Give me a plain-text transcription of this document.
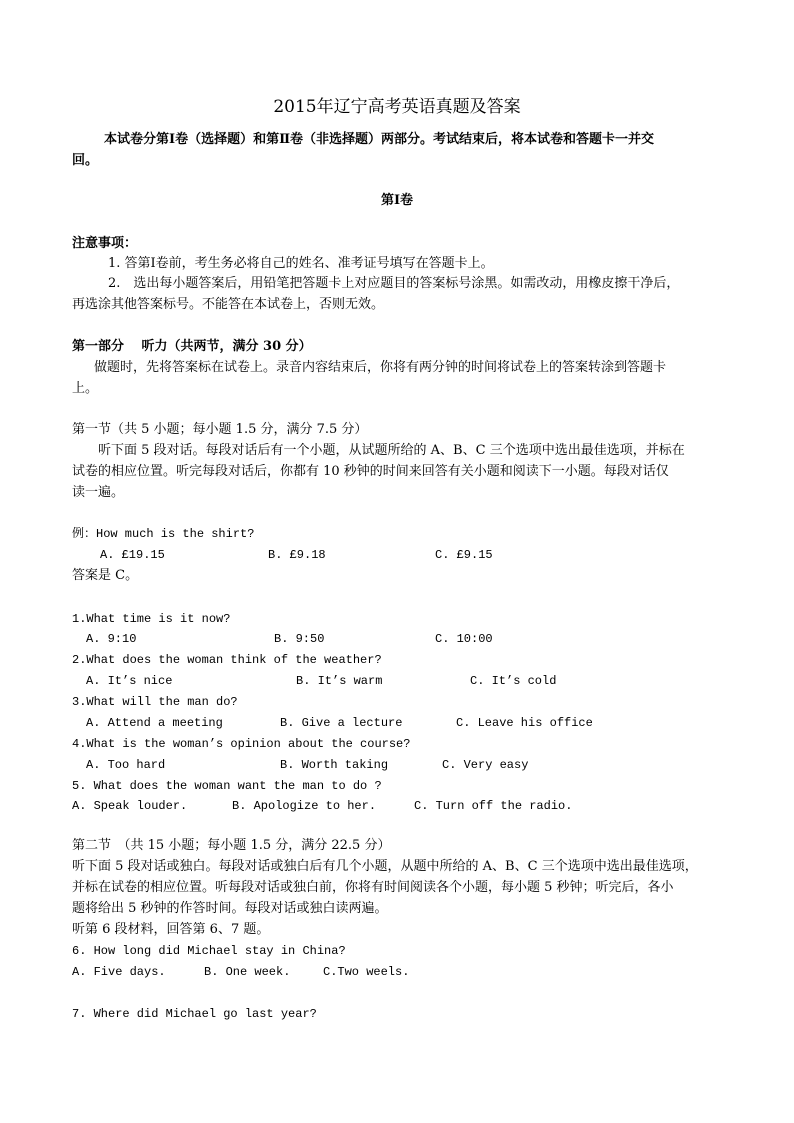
2015年辽宁高考英语真题及答案
本试卷分第Ⅰ卷（选择题）和第Ⅱ卷（非选择题）两部分。考试结束后，将本试卷和答题卡一并交
回。
第Ⅰ卷
注意事项：
1. 答第Ⅰ卷前，考生务必将自己的姓名、准考证号填写在答题卡上。
2.　选出每小题答案后，用铅笔把答题卡上对应题目的答案标号涂黑。如需改动，用橡皮擦干净后，
再选涂其他答案标号。不能答在本试卷上，否则无效。
第一部分　 听力（共两节，满分 30 分）
做题时，先将答案标在试卷上。录音内容结束后，你将有两分钟的时间将试卷上的答案转涂到答题卡
上。
第一节（共 5 小题；每小题 1.5 分，满分 7.5 分）
听下面 5 段对话。每段对话后有一个小题，从试题所给的 A、B、C 三个选项中选出最佳选项，并标在
试卷的相应位置。听完每段对话后，你都有 10 秒钟的时间来回答有关小题和阅读下一小题。每段对话仅
读一遍。
例：How much is the shirt?
A. £19.15	B. £9.18	C. £9.15
答案是 C。
1.What time is it now?
A. 9:10	B. 9:50	C. 10:00
2.What does the woman think of the weather?
A. It’s nice	B. It’s warm	C. It’s cold
3.What will the man do?
A. Attend a meeting	B. Give a lecture	C. Leave his office
4.What is the woman’s opinion about the course?
A. Too hard	B. Worth taking	C. Very easy
5. What does the woman want the man to do ?
A. Speak louder.	B. Apologize to her.	C. Turn off the radio.
第二节　（共 15 小题；每小题 1.5 分，满分 22.5 分）
听下面 5 段对话或独白。每段对话或独白后有几个小题，从题中所给的 A、B、C 三个选项中选出最佳选项，
并标在试卷的相应位置。听每段对话或独白前，你将有时间阅读各个小题，每小题 5 秒钟；听完后，各小
题将给出 5 秒钟的作答时间。每段对话或独白读两遍。
听第 6 段材料，回答第 6、7 题。
6. How long did Michael stay in China?
A. Five days.	B. One week.	C.Two weels.
7. Where did Michael go last year?
